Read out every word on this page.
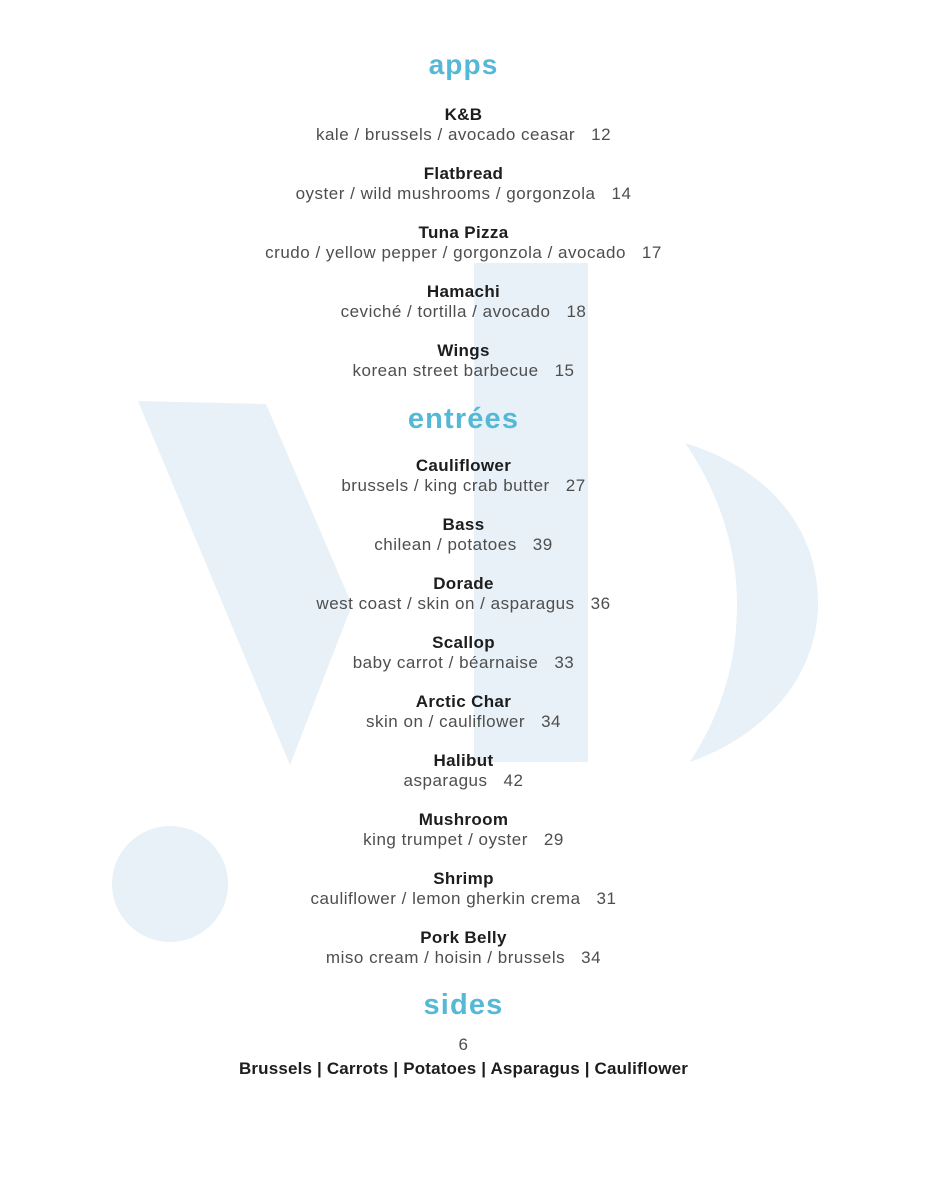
apps
K&B
kale / brussels / avocado ceasar 12
Flatbread
oyster / wild mushrooms / gorgonzola 14
Tuna Pizza
crudo / yellow pepper / gorgonzola / avocado 17
Hamachi
ceviché / tortilla / avocado 18
Wings
korean street barbecue 15
entrées
Cauliflower
brussels / king crab butter 27
Bass
chilean / potatoes 39
Dorade
west coast / skin on / asparagus 36
Scallop
baby carrot / béarnaise 33
Arctic Char
skin on / cauliflower 34
Halibut
asparagus 42
Mushroom
king trumpet / oyster 29
Shrimp
cauliflower / lemon gherkin crema 31
Pork Belly
miso cream / hoisin / brussels 34
sides
6
Brussels | Carrots | Potatoes | Asparagus | Cauliflower
